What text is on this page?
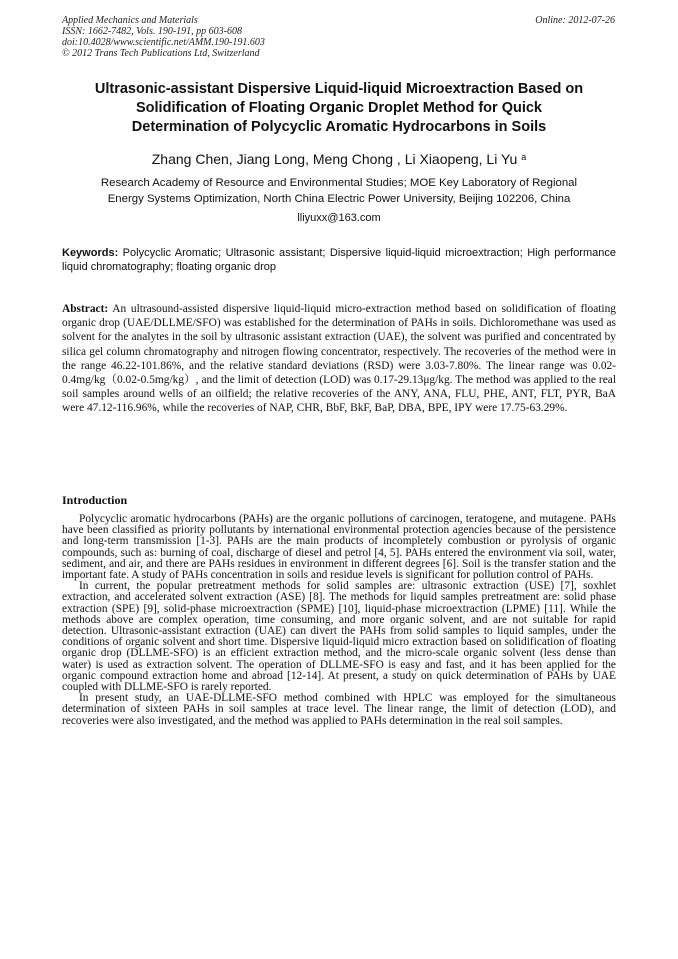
Applied Mechanics and Materials
ISSN: 1662-7482, Vols. 190-191, pp 603-608
doi:10.4028/www.scientific.net/AMM.190-191.603
© 2012 Trans Tech Publications Ltd, Switzerland
Online: 2012-07-26
Ultrasonic-assistant Dispersive Liquid-liquid Microextraction Based on
Solidification of Floating Organic Droplet Method for Quick
Determination of Polycyclic Aromatic Hydrocarbons in Soils
Zhang Chen, Jiang Long, Meng Chong , Li Xiaopeng, Li Yu $^a$
Research Academy of Resource and Environmental Studies; MOE Key Laboratory of Regional
Energy Systems Optimization, North China Electric Power University, Beijing 102206, China
lliyuxx@163.com
Keywords: Polycyclic Aromatic; Ultrasonic assistant; Dispersive liquid-liquid microextraction; High performance liquid chromatography; floating organic drop
Abstract: An ultrasound-assisted dispersive liquid-liquid micro-extraction method based on solidification of floating organic drop (UAE/DLLME/SFO) was established for the determination of PAHs in soils. Dichloromethane was used as solvent for the analytes in the soil by ultrasonic assistant extraction (UAE), the solvent was purified and concentrated by silica gel column chromatography and nitrogen flowing concentrator, respectively. The recoveries of the method were in the range 46.22-101.86%, and the relative standard deviations (RSD) were 3.03-7.80%. The linear range was 0.02-0.4mg/kg（0.02-0.5mg/kg）, and the limit of detection (LOD) was 0.17-29.13μg/kg. The method was applied to the real soil samples around wells of an oilfield; the relative recoveries of the ANY, ANA, FLU, PHE, ANT, FLT, PYR, BaA were 47.12-116.96%, while the recoveries of NAP, CHR, BbF, BkF, BaP, DBA, BPE, IPY were 17.75-63.29%.
Introduction

Polycyclic aromatic hydrocarbons (PAHs) are the organic pollutions of carcinogen, teratogene, and mutagene. PAHs have been classified as priority pollutants by international environmental protection agencies because of the persistence and long-term transmission [1-3]. PAHs are the main products of incompletely combustion or pyrolysis of organic compounds, such as: burning of coal, discharge of diesel and petrol [4, 5]. PAHs entered the environment via soil, water, sediment, and air, and there are PAHs residues in environment in different degrees [6]. Soil is the transfer station and the important fate. A study of PAHs concentration in soils and residue levels is significant for pollution control of PAHs.

In current, the popular pretreatment methods for solid samples are: ultrasonic extraction (USE) [7], soxhlet extraction, and accelerated solvent extraction (ASE) [8]. The methods for liquid samples pretreatment are: solid phase extraction (SPE) [9], solid-phase microextraction (SPME) [10], liquid-phase microextraction (LPME) [11]. While the methods above are complex operation, time consuming, and more organic solvent, and are not suitable for rapid detection. Ultrasonic-assistant extraction (UAE) can divert the PAHs from solid samples to liquid samples, under the conditions of organic solvent and short time. Dispersive liquid-liquid micro extraction based on solidification of floating organic drop (DLLME-SFO) is an efficient extraction method, and the micro-scale organic solvent (less dense than water) is used as extraction solvent. The operation of DLLME-SFO is easy and fast, and it has been applied for the organic compound extraction home and abroad [12-14]. At present, a study on quick determination of PAHs by UAE coupled with DLLME-SFO is rarely reported.

In present study, an UAE-DLLME-SFO method combined with HPLC was employed for the simultaneous determination of sixteen PAHs in soil samples at trace level. The linear range, the limit of detection (LOD), and recoveries were also investigated, and the method was applied to PAHs determination in the real soil samples.
